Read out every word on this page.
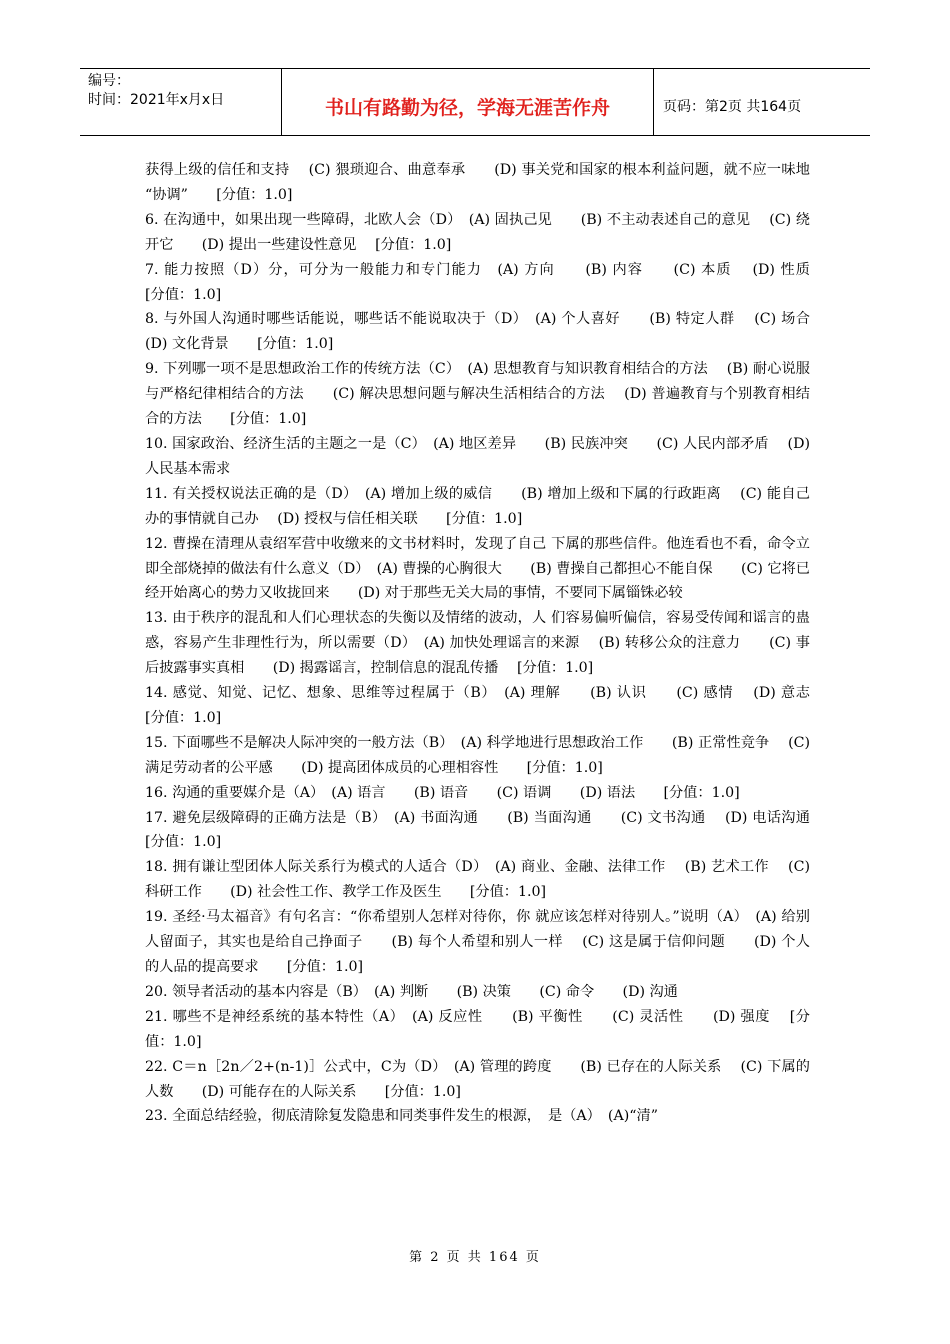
编号：
时间：2021年x月x日	书山有路勤为径，学海无涯苦作舟	页码：第2页 共164页

获得上级的信任和支持　 (C) 猥琐迎合、曲意奉承　　(D) 事关党和国家的根本利益问题，就不应一味地 “协调”　　[分值：1.0]

6. 在沟通中，如果出现一些障碍，北欧人会（D）　(A) 固执己见　　(B) 不主动表述自己的意见　 (C) 绕开它　　(D) 提出一些建设性意见　 [分值：1.0]

7. 能力按照（D）分，可分为一般能力和专门能力　(A) 方向　　(B) 内容　　(C) 本质　 (D) 性质　　[分值：1.0]

8. 与外国人沟通时哪些话能说，哪些话不能说取决于（D）　(A) 个人喜好　　(B) 特定人群　 (C) 场合　　(D) 文化背景　　[分值：1.0]

9. 下列哪一项不是思想政治工作的传统方法（C）　(A) 思想教育与知识教育相结合的方法　 (B) 耐心说服与严格纪律相结合的方法　　(C) 解决思想问题与解决生活相结合的方法　 (D) 普遍教育与个别教育相结合的方法　　[分值：1.0]

10. 国家政治、经济生活的主题之一是（C）　(A) 地区差异　　(B) 民族冲突　　(C) 人民内部矛盾　 (D) 人民基本需求

11. 有关授权说法正确的是（D）　(A) 增加上级的威信　　(B) 增加上级和下属的行政距离　 (C) 能自己办的事情就自己办　 (D) 授权与信任相关联　　[分值：1.0]

12. 曹操在清理从袁绍军营中收缴来的文书材料时，发现了自己 下属的那些信件。他连看也不看，命令立即全部烧掉的做法有什么意义（D）　(A) 曹操的心胸很大　　(B) 曹操自己都担心不能自保　　(C) 它将已经开始离心的势力又收拢回来　　(D) 对于那些无关大局的事情，不要同下属锱铢必较

13. 由于秩序的混乱和人们心理状态的失衡以及情绪的波动，人 们容易偏听偏信，容易受传闻和谣言的蛊惑，容易产生非理性行为，所以需要（D）　(A) 加快处理谣言的来源　 (B) 转移公众的注意力　　(C) 事后披露事实真相　　(D) 揭露谣言，控制信息的混乱传播　 [分值：1.0]

14. 感觉、知觉、记忆、想象、思维等过程属于（B）　(A) 理解　　(B) 认识　　(C) 感情　 (D) 意志　　[分值：1.0]

15. 下面哪些不是解决人际冲突的一般方法（B）　(A) 科学地进行思想政治工作　　(B) 正常性竞争　 (C) 满足劳动者的公平感　　(D) 提高团体成员的心理相容性　　[分值：1.0]

16. 沟通的重要媒介是（A）　(A) 语言　　(B) 语音　　(C) 语调　　(D) 语法　　[分值：1.0]

17. 避免层级障碍的正确方法是（B）　(A) 书面沟通　　(B) 当面沟通　　(C) 文书沟通　 (D) 电话沟通　　[分值：1.0]

18. 拥有谦让型团体人际关系行为模式的人适合（D）　(A) 商业、金融、法律工作　 (B) 艺术工作　 (C) 科研工作　　(D) 社会性工作、教学工作及医生　　[分值：1.0]

19. 圣经·马太福音》有句名言：“你希望别人怎样对待你，你 就应该怎样对待别人。”说明（A）　(A) 给别人留面子，其实也是给自己挣面子　　(B) 每个人希望和别人一样　 (C) 这是属于信仰问题　　(D) 个人的人品的提高要求　　[分值：1.0]

20. 领导者活动的基本内容是（B）　(A) 判断　　(B) 决策　　(C) 命令　　(D) 沟通

21. 哪些不是神经系统的基本特性（A）　(A) 反应性　　(B) 平衡性　　(C) 灵活性　　(D) 强度　 [分值：1.0]

22. C＝n［2n／2+(n-1)］公式中，C为（D）　(A) 管理的跨度　　(B) 已存在的人际关系　 (C) 下属的人数　　(D) 可能存在的人际关系　　[分值：1.0]

23. 全面总结经验，彻底清除复发隐患和同类事件发生的根源，　是（A）　(A)“清”

第 2 页 共 164 页
